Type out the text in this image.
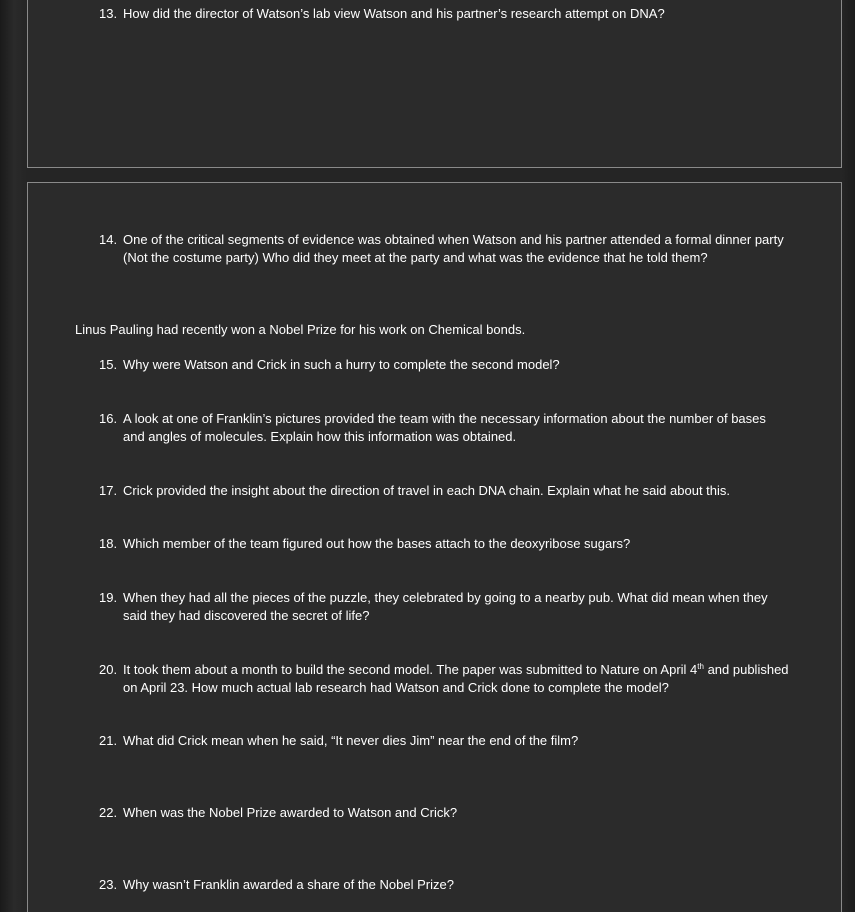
13. How did the director of Watson’s lab view Watson and his partner’s research attempt on DNA?
14. One of the critical segments of evidence was obtained when Watson and his partner attended a formal dinner party (Not the costume party) Who did they meet at the party and what was the evidence that he told them?
Linus Pauling had recently won a Nobel Prize for his work on Chemical bonds.
15. Why were Watson and Crick in such a hurry to complete the second model?
16. A look at one of Franklin’s pictures provided the team with the necessary information about the number of bases and angles of molecules. Explain how this information was obtained.
17. Crick provided the insight about the direction of travel in each DNA chain. Explain what he said about this.
18. Which member of the team figured out how the bases attach to the deoxyribose sugars?
19. When they had all the pieces of the puzzle, they celebrated by going to a nearby pub. What did mean when they said they had discovered the secret of life?
20. It took them about a month to build the second model. The paper was submitted to Nature on April 4th and published on April 23. How much actual lab research had Watson and Crick done to complete the model?
21. What did Crick mean when he said, “It never dies Jim” near the end of the film?
22. When was the Nobel Prize awarded to Watson and Crick?
23. Why wasn’t Franklin awarded a share of the Nobel Prize?
